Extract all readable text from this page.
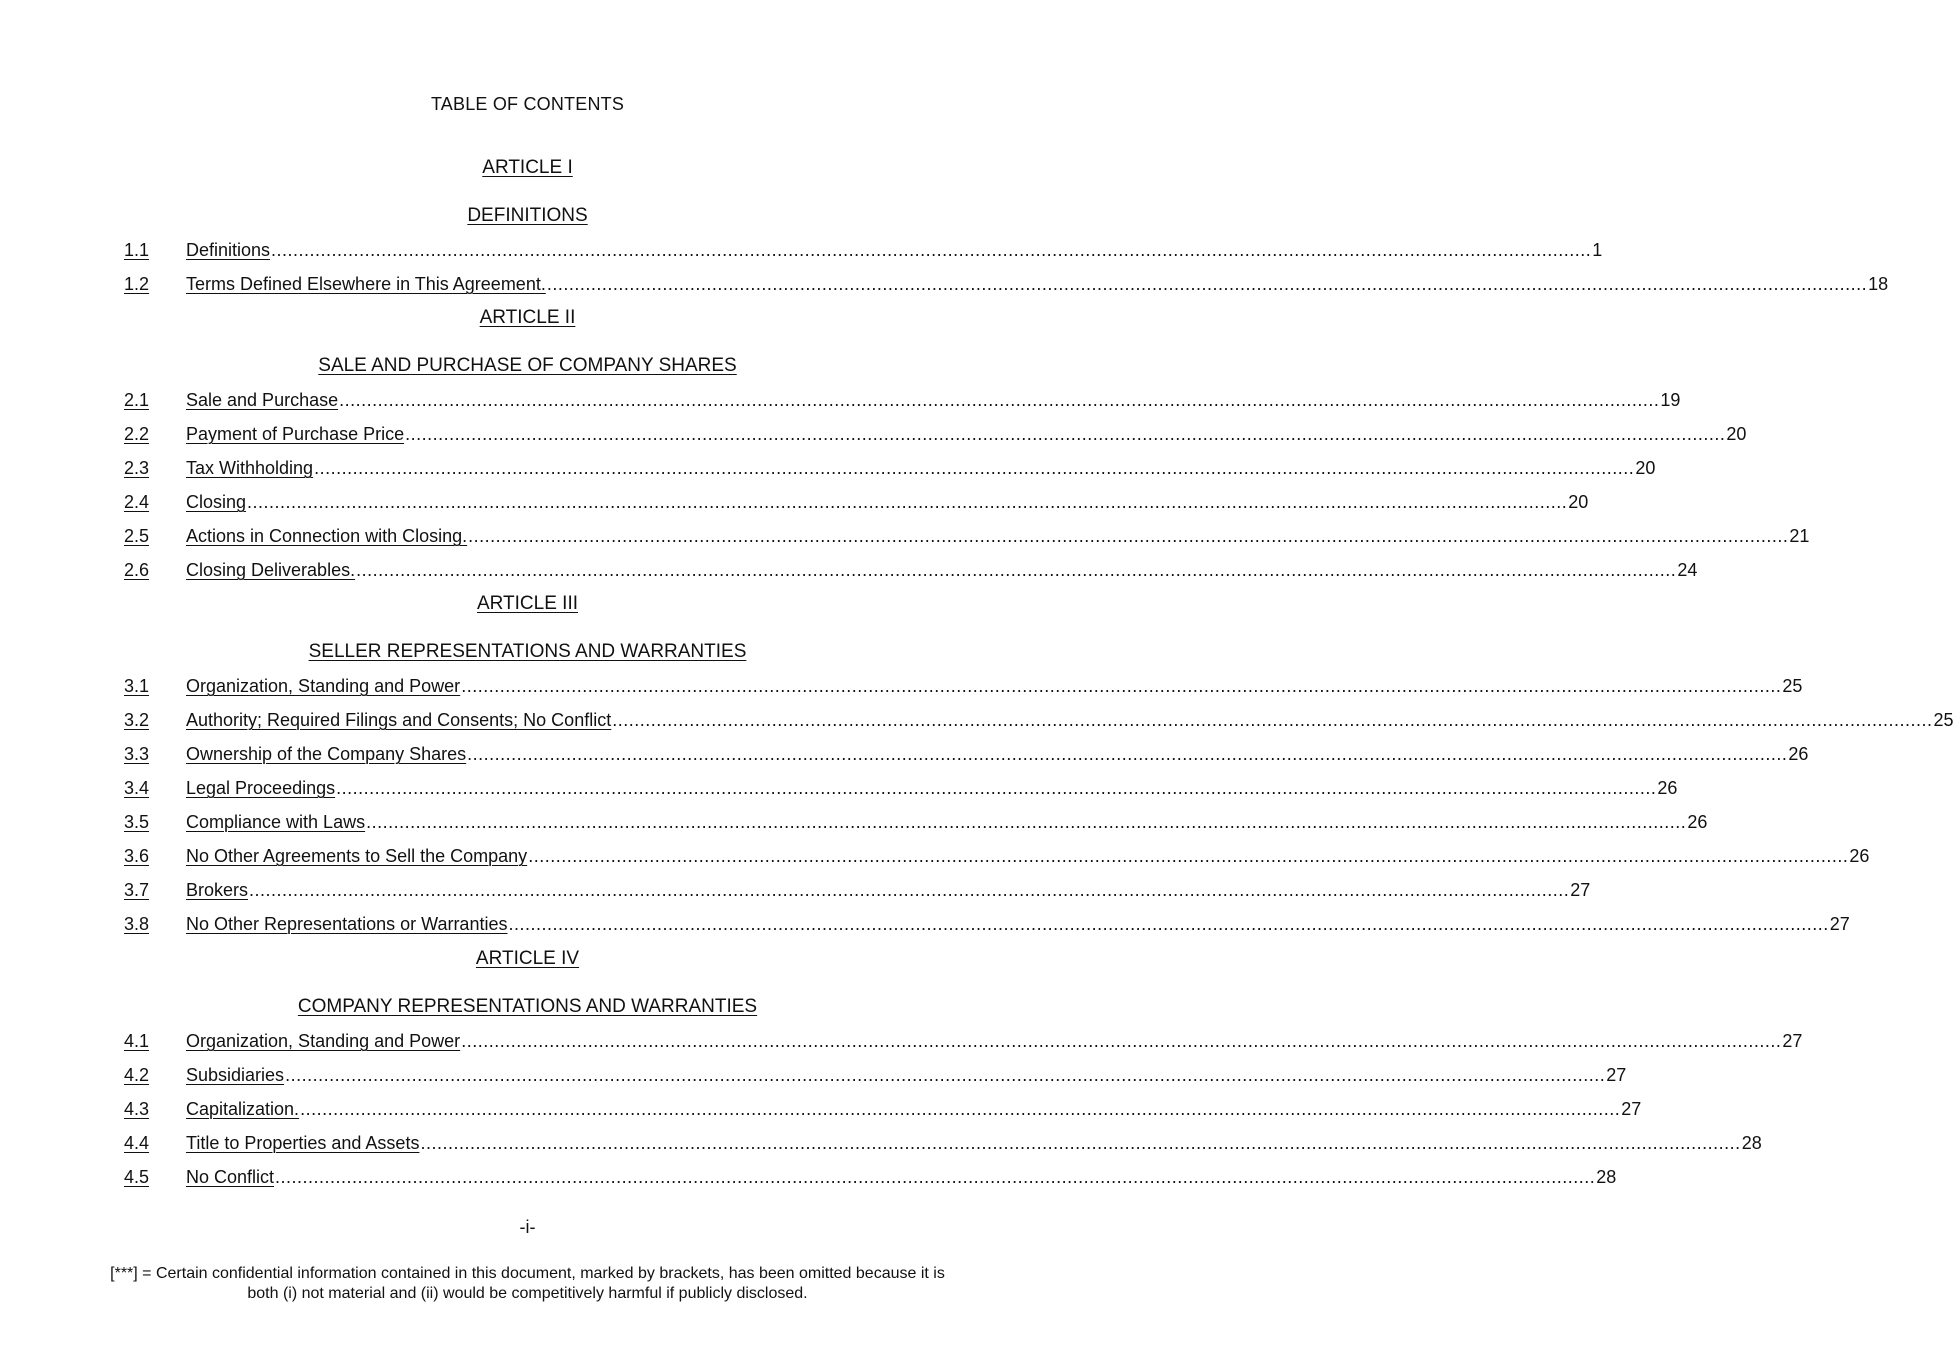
TABLE OF CONTENTS
ARTICLE I
DEFINITIONS
1.1	Definitions ................................................................................................................................................................................................................................................ 1
1.2	Terms Defined Elsewhere in This Agreement. ................................................................................................................................................................................................................................................ 18
ARTICLE II
SALE AND PURCHASE OF COMPANY SHARES
2.1	Sale and Purchase ................................................................................................................................................................................................................................................ 19
2.2	Payment of Purchase Price ................................................................................................................................................................................................................................................ 20
2.3	Tax Withholding ................................................................................................................................................................................................................................................ 20
2.4	Closing ................................................................................................................................................................................................................................................ 20
2.5	Actions in Connection with Closing. ................................................................................................................................................................................................................................................ 21
2.6	Closing Deliverables. ................................................................................................................................................................................................................................................ 24
ARTICLE III
SELLER REPRESENTATIONS AND WARRANTIES
3.1	Organization, Standing and Power ................................................................................................................................................................................................................................................ 25
3.2	Authority; Required Filings and Consents; No Conflict ................................................................................................................................................................................................................................................ 25
3.3	Ownership of the Company Shares ................................................................................................................................................................................................................................................ 26
3.4	Legal Proceedings ................................................................................................................................................................................................................................................ 26
3.5	Compliance with Laws ................................................................................................................................................................................................................................................ 26
3.6	No Other Agreements to Sell the Company ................................................................................................................................................................................................................................................ 26
3.7	Brokers ................................................................................................................................................................................................................................................ 27
3.8	No Other Representations or Warranties ................................................................................................................................................................................................................................................ 27
ARTICLE IV
COMPANY REPRESENTATIONS AND WARRANTIES
4.1	Organization, Standing and Power ................................................................................................................................................................................................................................................ 27
4.2	Subsidiaries ................................................................................................................................................................................................................................................ 27
4.3	Capitalization. ................................................................................................................................................................................................................................................ 27
4.4	Title to Properties and Assets ................................................................................................................................................................................................................................................ 28
4.5	No Conflict ................................................................................................................................................................................................................................................ 28
-i-
[***] = Certain confidential information contained in this document, marked by brackets, has been omitted because it is both (i) not material and (ii) would be competitively harmful if publicly disclosed.
